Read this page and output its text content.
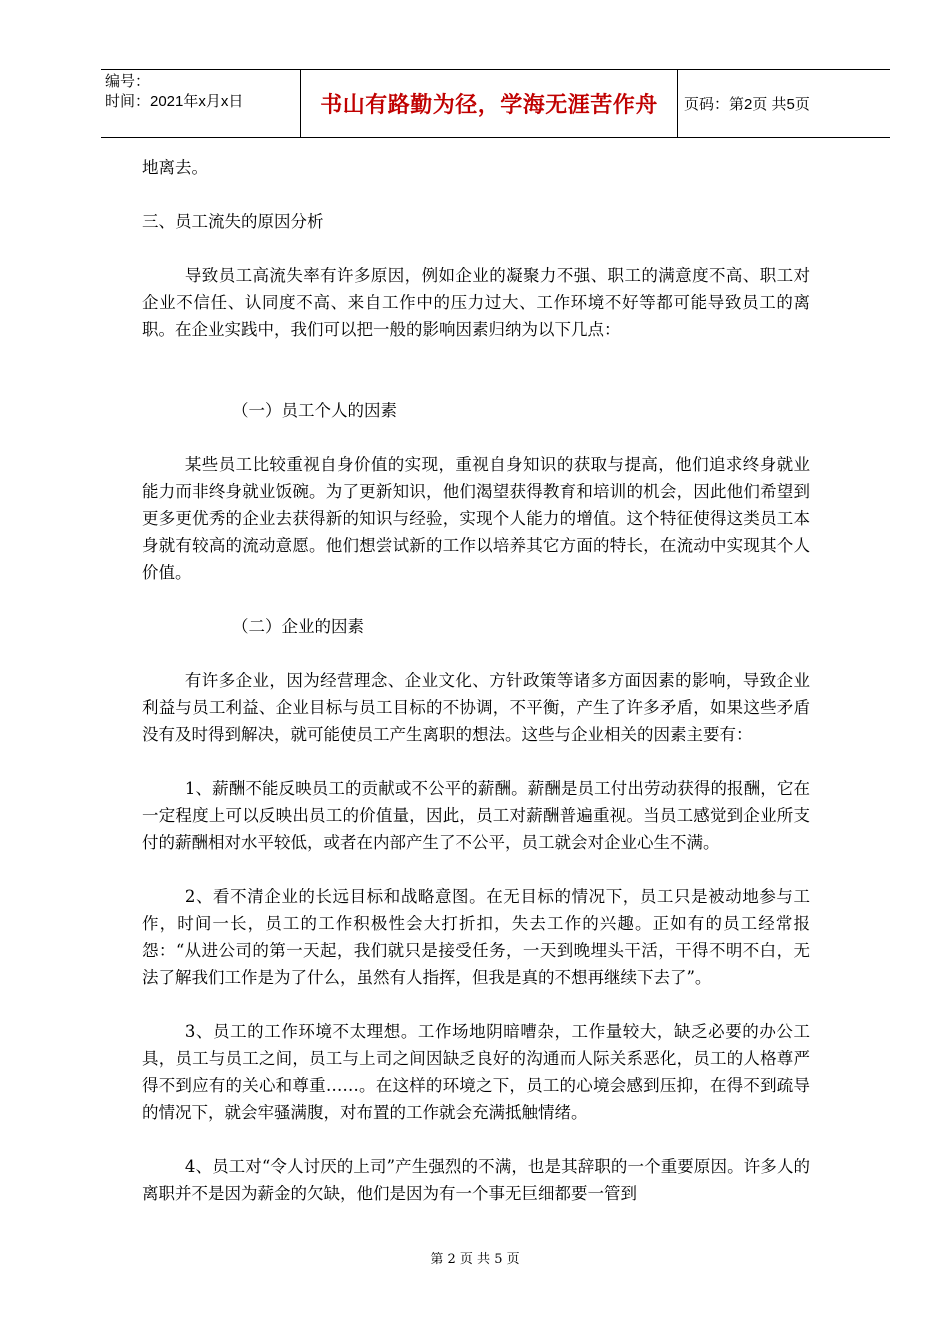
编号：
时间：2021年x月x日	书山有路勤为径，学海无涯苦作舟	页码：第2页 共5页

地离去。

三、员工流失的原因分析

导致员工高流失率有许多原因，例如企业的凝聚力不强、职工的满意度不高、职工对企业不信任、认同度不高、来自工作中的压力过大、工作环境不好等都可能导致员工的离职。在企业实践中，我们可以把一般的影响因素归纳为以下几点：

（一）员工个人的因素

某些员工比较重视自身价值的实现，重视自身知识的获取与提高，他们追求终身就业能力而非终身就业饭碗。为了更新知识，他们渴望获得教育和培训的机会，因此他们希望到更多更优秀的企业去获得新的知识与经验，实现个人能力的增值。这个特征使得这类员工本身就有较高的流动意愿。他们想尝试新的工作以培养其它方面的特长，在流动中实现其个人价值。

（二）企业的因素

有许多企业，因为经营理念、企业文化、方针政策等诸多方面因素的影响，导致企业利益与员工利益、企业目标与员工目标的不协调，不平衡，产生了许多矛盾，如果这些矛盾没有及时得到解决，就可能使员工产生离职的想法。这些与企业相关的因素主要有：

1、薪酬不能反映员工的贡献或不公平的薪酬。薪酬是员工付出劳动获得的报酬，它在一定程度上可以反映出员工的价值量，因此，员工对薪酬普遍重视。当员工感觉到企业所支付的薪酬相对水平较低，或者在内部产生了不公平，员工就会对企业心生不满。

2、看不清企业的长远目标和战略意图。在无目标的情况下，员工只是被动地参与工作，时间一长，员工的工作积极性会大打折扣，失去工作的兴趣。正如有的员工经常报怨：“从进公司的第一天起，我们就只是接受任务，一天到晚埋头干活，干得不明不白，无法了解我们工作是为了什么，虽然有人指挥，但我是真的不想再继续下去了”。

3、员工的工作环境不太理想。工作场地阴暗嘈杂，工作量较大，缺乏必要的办公工具，员工与员工之间，员工与上司之间因缺乏良好的沟通而人际关系恶化，员工的人格尊严得不到应有的关心和尊重……。在这样的环境之下，员工的心境会感到压抑，在得不到疏导的情况下，就会牢骚满腹，对布置的工作就会充满抵触情绪。

4、员工对“令人讨厌的上司”产生强烈的不满，也是其辞职的一个重要原因。许多人的离职并不是因为薪金的欠缺，他们是因为有一个事无巨细都要一管到

第 2 页 共 5 页
